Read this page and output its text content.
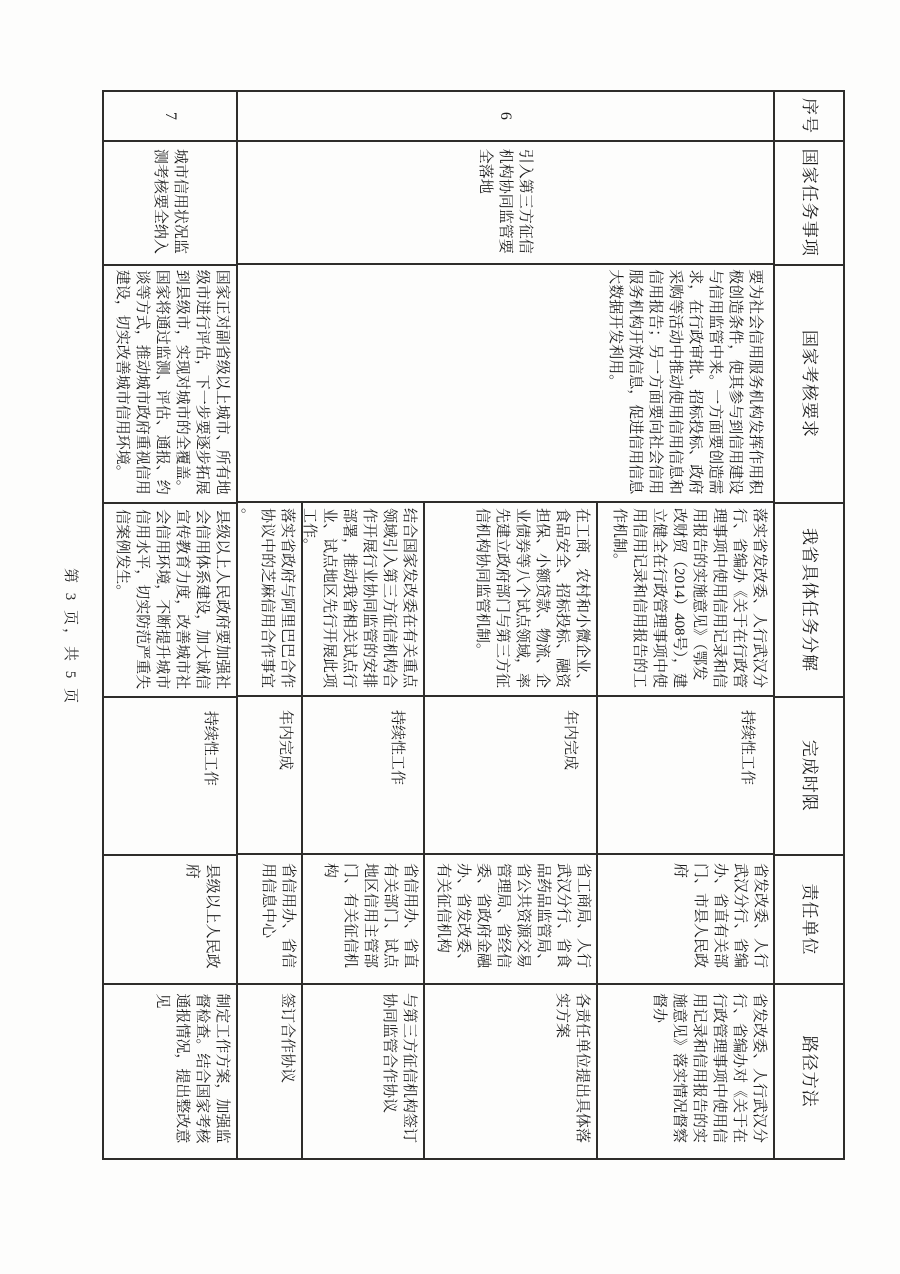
序号
国家任务事项
国家考核要求
我省具体任务分解
完成时限
责任单位
路径方法
6
引入第三方征信机构协同监管要全落地
要为社会信用服务机构发挥作用积极创造条件，使其参与到信用建设与信用监管中来。一方面要创造需求，在行政审批、招标投标、政府采购等活动中推动使用信用信息和信用报告；另一方面要向社会信用服务机构开放信息，促进信用信息大数据开发利用。
落实省发改委、人行武汉分行、省编办《关于在行政管理事项中使用信用记录和信用报告的实施意见》（鄂发改财贸（2014）408号），建立健全在行政管理事项中使用信用记录和信用报告的工作机制。
持续性工作
省发改委、人行武汉分行、省编办、省直有关部门、市县人民政府
省发改委、人行武汉分行、省编办对《关于在行政管理事项中使用信用记录和信用报告的实施意见》落实情况督察督办
在工商、农村和小微企业、食品安全、招标投标、融资担保、小额贷款、物流、企业债券等八个试点领域，率先建立政府部门与第三方征信机构协同监管机制。
年内完成
省工商局、人行武汉分行、省食品药品监管局、省公共资源交易管理局、省经信委、省政府金融办、省发改委、有关征信机构
各责任单位提出具体落实方案
结合国家发改委在有关重点领域引入第三方征信机构合作开展行业协同监管的安排部署，推动我省相关试点行业、试点地区先行开展此项工作。
持续性工作
省信用办、省直有关部门、试点地区信用主管部门、有关征信机构
与第三方征信机构签订协同监管合作协议
落实省政府与阿里巴巴合作协议中的芝麻信用合作事宜。
年内完成
省信用办、省信用信息中心
签订合作协议
7
城市信用状况监测考核要全纳入
国家正对副省级以上城市、所有地级市进行评估，下一步要逐步拓展到县级市，实现对城市的全覆盖。国家将通过监测、评估、通报、约谈等方式，推动城市政府重视信用建设，切实改善城市信用环境。
县级以上人民政府要加强社会信用体系建设，加大诚信宣传教育力度，改善城市社会信用环境，不断提升城市信用水平，切实防范严重失信案例发生。
持续性工作
县级以上人民政府
制定工作方案，加强监督检查。结合国家考核通报情况，提出整改意见
第 3 页，共 5 页
